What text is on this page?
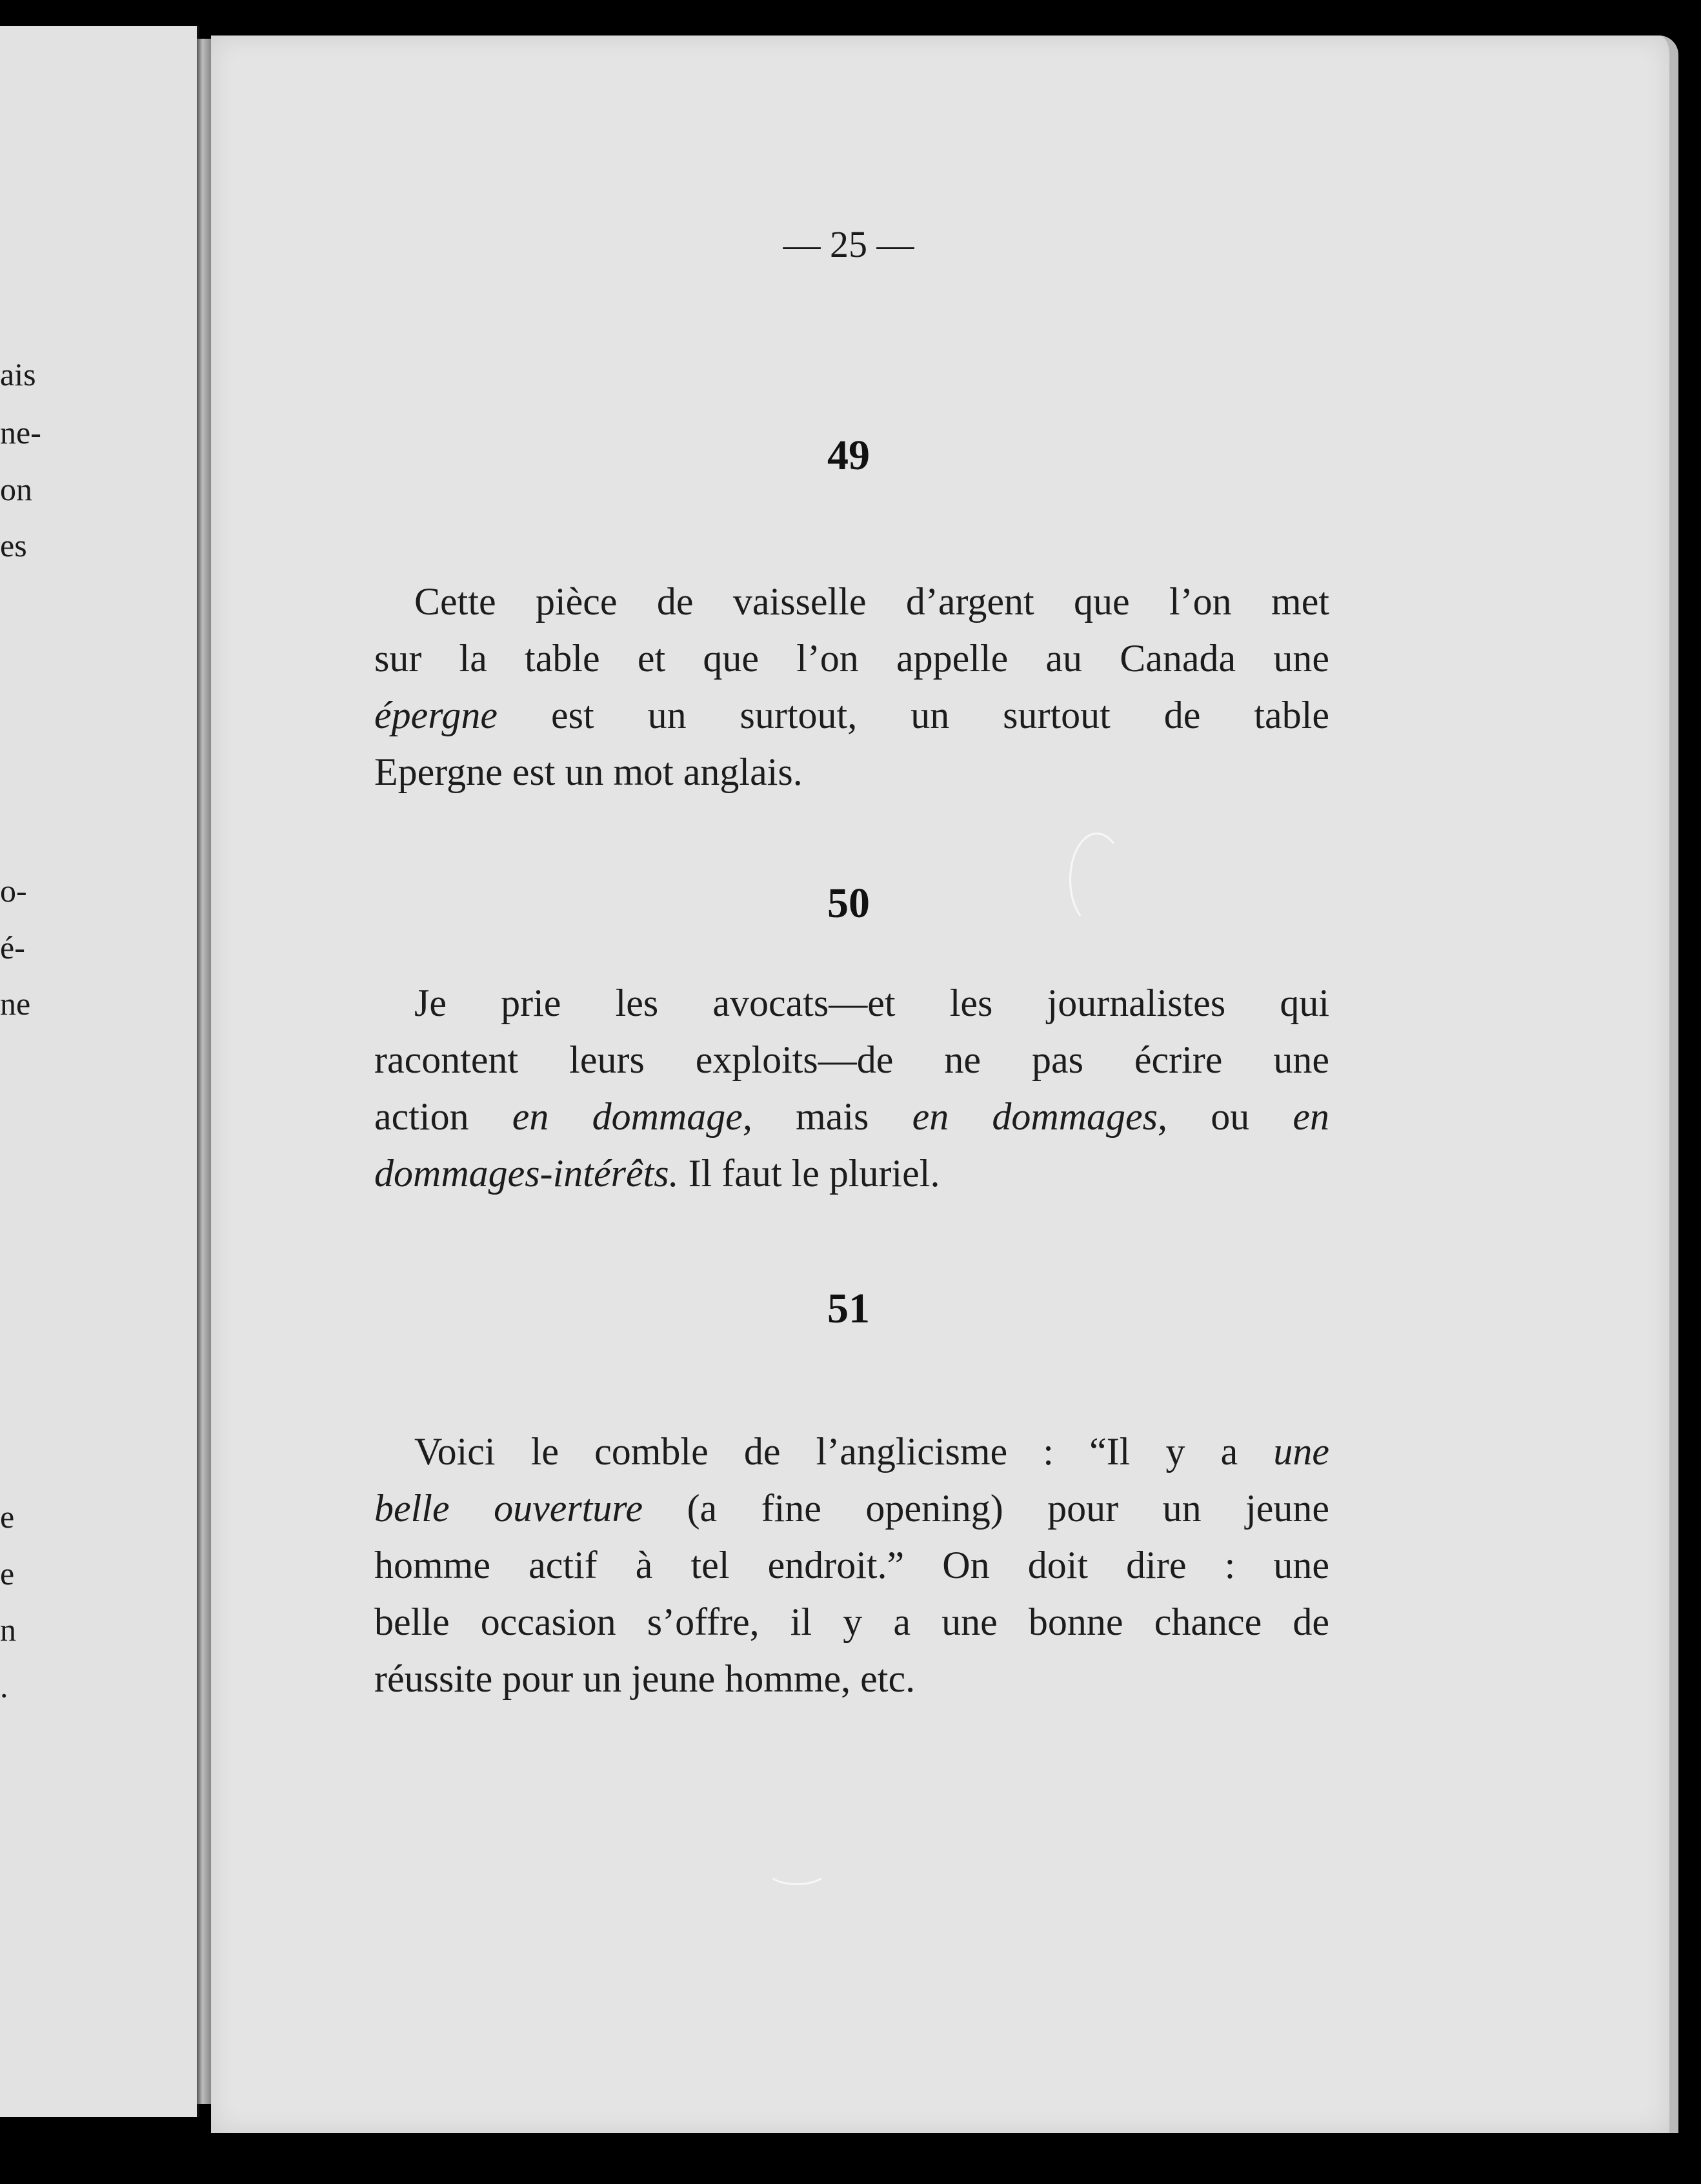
ais
ne-
on
es
o-
é-
ne
e
e
n
.
— 25 —
49
Cette pièce de vaisselle d’argent que l’on met
sur la table et que l’on appelle au Canada une
épergne est un surtout, un surtout de table
Epergne est un mot anglais.
50
Je prie les avocats—et les journalistes qui
racontent leurs exploits—de ne pas écrire une
action en dommage, mais en dommages, ou en
dommages-intérêts. Il faut le pluriel.
51
Voici le comble de l’anglicisme : “Il y a une
belle ouverture (a fine opening) pour un jeune
homme actif à tel endroit.” On doit dire : une
belle occasion s’offre, il y a une bonne chance de
réussite pour un jeune homme, etc.
